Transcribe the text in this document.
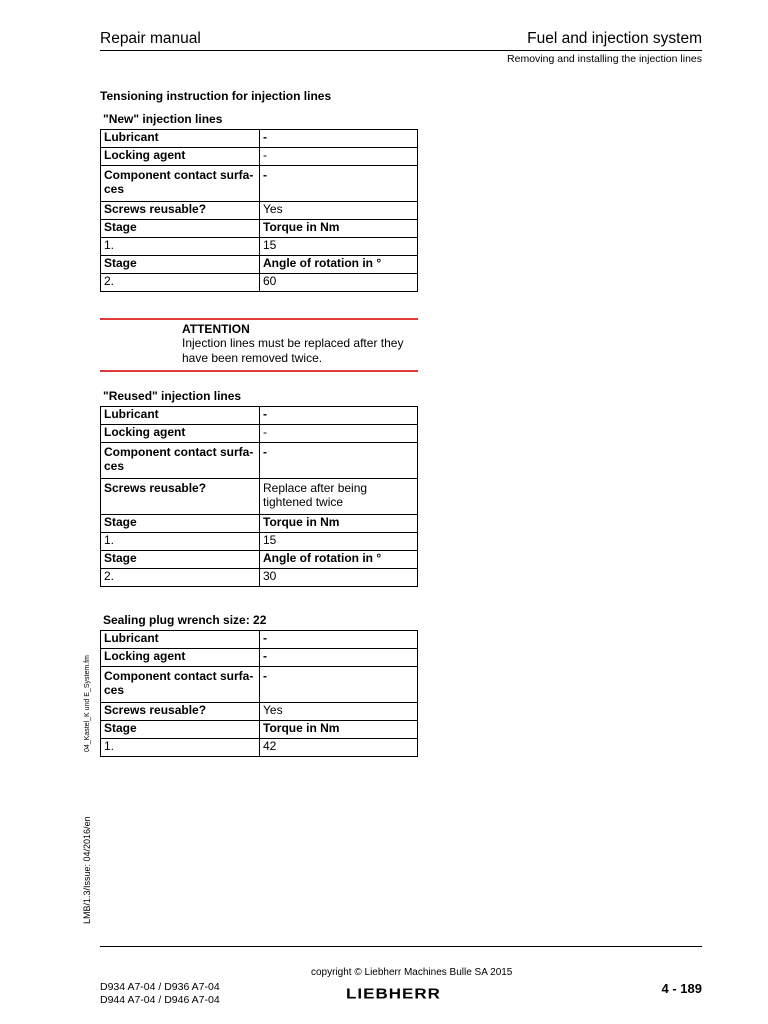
Repair manual	Fuel and injection system
Removing and installing the injection lines
Tensioning instruction for injection lines
"New" injection lines
Lubricant	-
Locking agent	-
Component contact surfa- ces	-
Screws reusable?	Yes
Stage	Torque in Nm
1.	15
Stage	Angle of rotation in °
2.	60
ATTENTION
Injection lines must be replaced after they have been removed twice.
"Reused" injection lines
Lubricant	-
Locking agent	-
Component contact surfa- ces	-
Screws reusable?	Replace after being tightened twice
Stage	Torque in Nm
1.	15
Stage	Angle of rotation in °
2.	30
Sealing plug wrench size: 22
Lubricant	-
Locking agent	-
Component contact surfa- ces	-
Screws reusable?	Yes
Stage	Torque in Nm
1.	42
04_Kastel_K und E_System.fm
LMB/1.3/Issue: 04/2016/en
copyright © Liebherr Machines Bulle SA 2015
D934 A7-04 / D936 A7-04
D944 A7-04 / D946 A7-04	LIEBHERR	4 - 189
